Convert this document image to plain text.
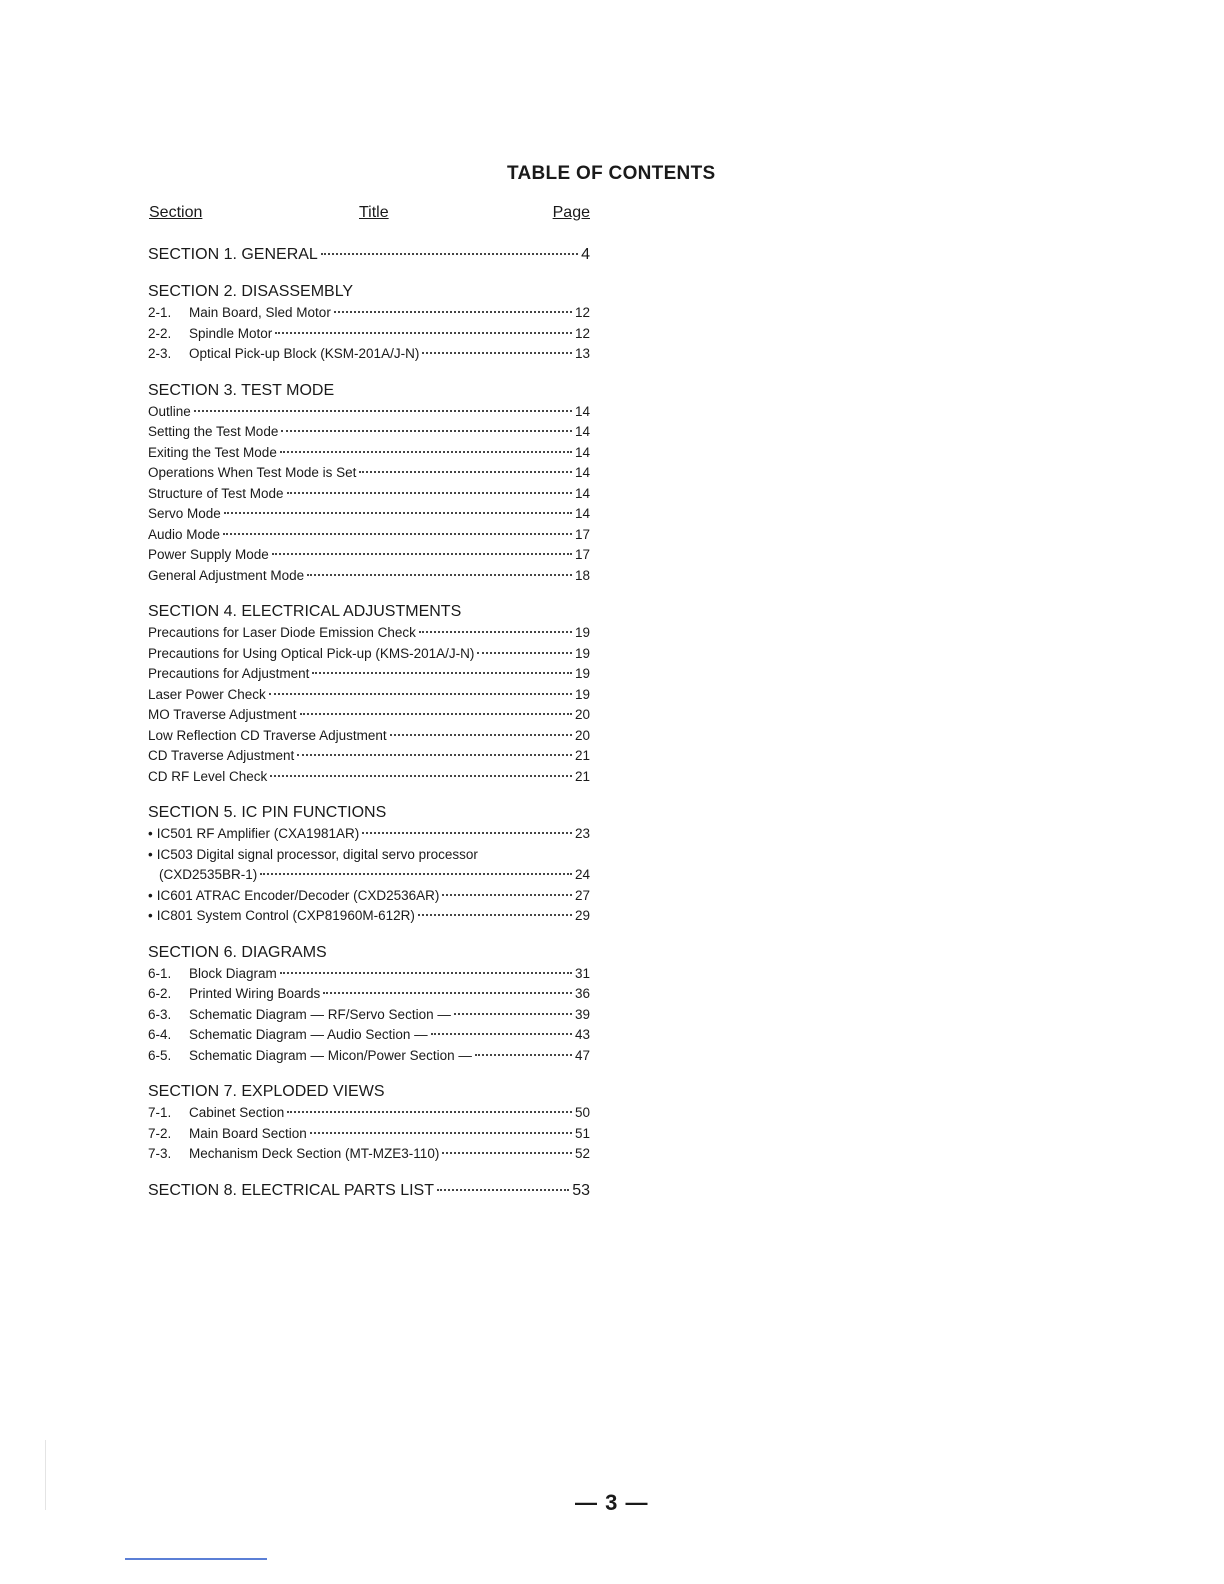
TABLE OF CONTENTS
Section	Title	Page
SECTION 1. GENERAL	4
SECTION 2. DISASSEMBLY
2-1.	Main Board, Sled Motor	12
2-2.	Spindle Motor	12
2-3.	Optical Pick-up Block (KSM-201A/J-N)	13
SECTION 3. TEST MODE
Outline	14
Setting the Test Mode	14
Exiting the Test Mode	14
Operations When Test Mode is Set	14
Structure of Test Mode	14
Servo Mode	14
Audio Mode	17
Power Supply Mode	17
General Adjustment Mode	18
SECTION 4. ELECTRICAL ADJUSTMENTS
Precautions for Laser Diode Emission Check	19
Precautions for Using Optical Pick-up (KMS-201A/J-N)	19
Precautions for Adjustment	19
Laser Power Check	19
MO Traverse Adjustment	20
Low Reflection CD Traverse Adjustment	20
CD Traverse Adjustment	21
CD RF Level Check	21
SECTION 5. IC PIN FUNCTIONS
• IC501 RF Amplifier (CXA1981AR)	23
• IC503 Digital signal processor, digital servo processor
(CXD2535BR-1)	24
• IC601 ATRAC Encoder/Decoder (CXD2536AR)	27
• IC801 System Control (CXP81960M-612R)	29
SECTION 6. DIAGRAMS
6-1.	Block Diagram	31
6-2.	Printed Wiring Boards	36
6-3.	Schematic Diagram — RF/Servo Section —	39
6-4.	Schematic Diagram — Audio Section —	43
6-5.	Schematic Diagram — Micon/Power Section —	47
SECTION 7. EXPLODED VIEWS
7-1.	Cabinet Section	50
7-2.	Main Board Section	51
7-3.	Mechanism Deck Section (MT-MZE3-110)	52
SECTION 8. ELECTRICAL PARTS LIST	53
— 3 —
